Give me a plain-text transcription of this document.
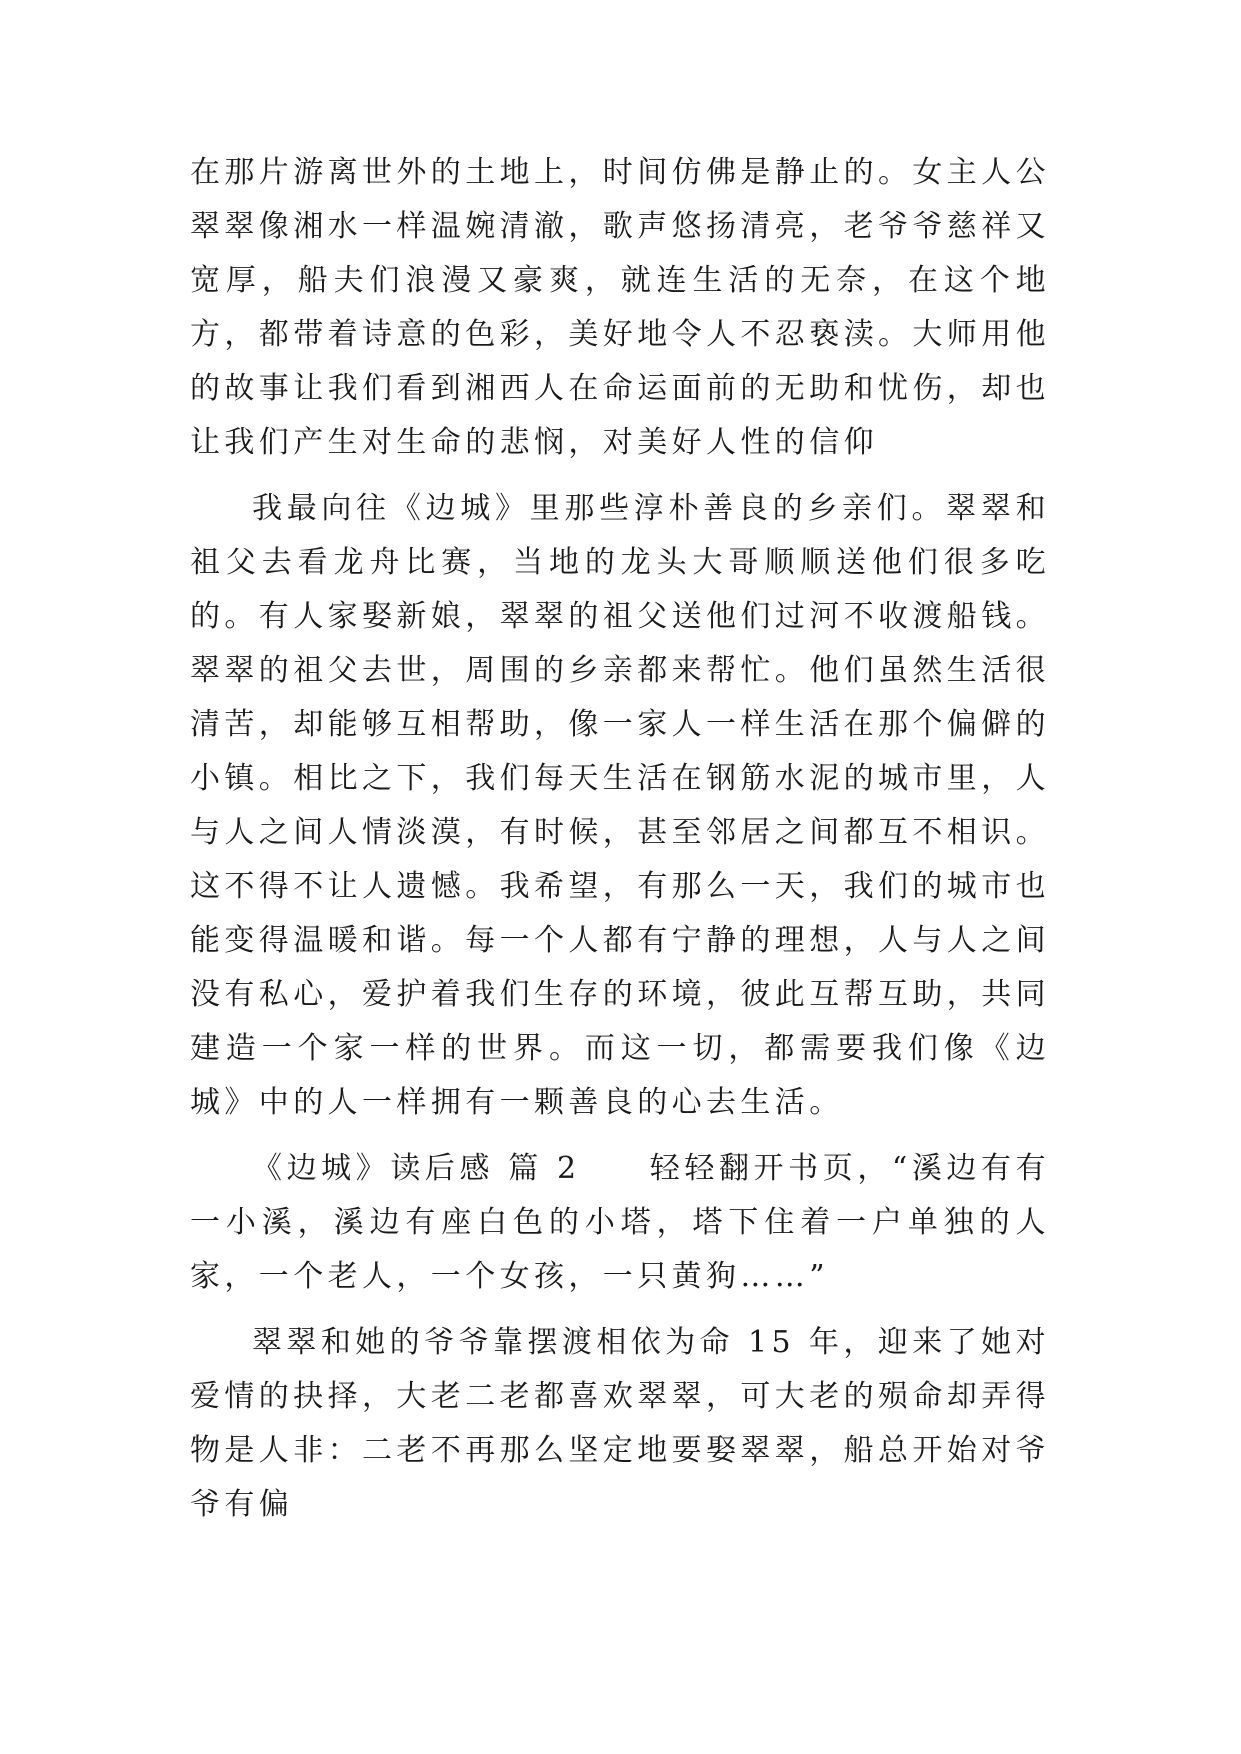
在那片游离世外的土地上，时间仿佛是静止的。女主人公翠翠像湘水一样温婉清澈，歌声悠扬清亮，老爷爷慈祥又宽厚，船夫们浪漫又豪爽，就连生活的无奈，在这个地方，都带着诗意的色彩，美好地令人不忍亵渎。大师用他的故事让我们看到湘西人在命运面前的无助和忧伤，却也让我们产生对生命的悲悯，对美好人性的信仰

我最向往《边城》里那些淳朴善良的乡亲们。翠翠和祖父去看龙舟比赛，当地的龙头大哥顺顺送他们很多吃的。有人家娶新娘，翠翠的祖父送他们过河不收渡船钱。翠翠的祖父去世，周围的乡亲都来帮忙。他们虽然生活很清苦，却能够互相帮助，像一家人一样生活在那个偏僻的小镇。相比之下，我们每天生活在钢筋水泥的城市里，人与人之间人情淡漠，有时候，甚至邻居之间都互不相识。这不得不让人遗憾。我希望，有那么一天，我们的城市也能变得温暖和谐。每一个人都有宁静的理想，人与人之间没有私心，爱护着我们生存的环境，彼此互帮互助，共同建造一个家一样的世界。而这一切，都需要我们像《边城》中的人一样拥有一颗善良的心去生活。

《边城》读后感 篇 2　　轻轻翻开书页，“溪边有有一小溪，溪边有座白色的小塔，塔下住着一户单独的人家，一个老人，一个女孩，一只黄狗……”

翠翠和她的爷爷靠摆渡相依为命 15 年，迎来了她对爱情的抉择，大老二老都喜欢翠翠，可大老的殒命却弄得物是人非：二老不再那么坚定地要娶翠翠，船总开始对爷爷有偏
